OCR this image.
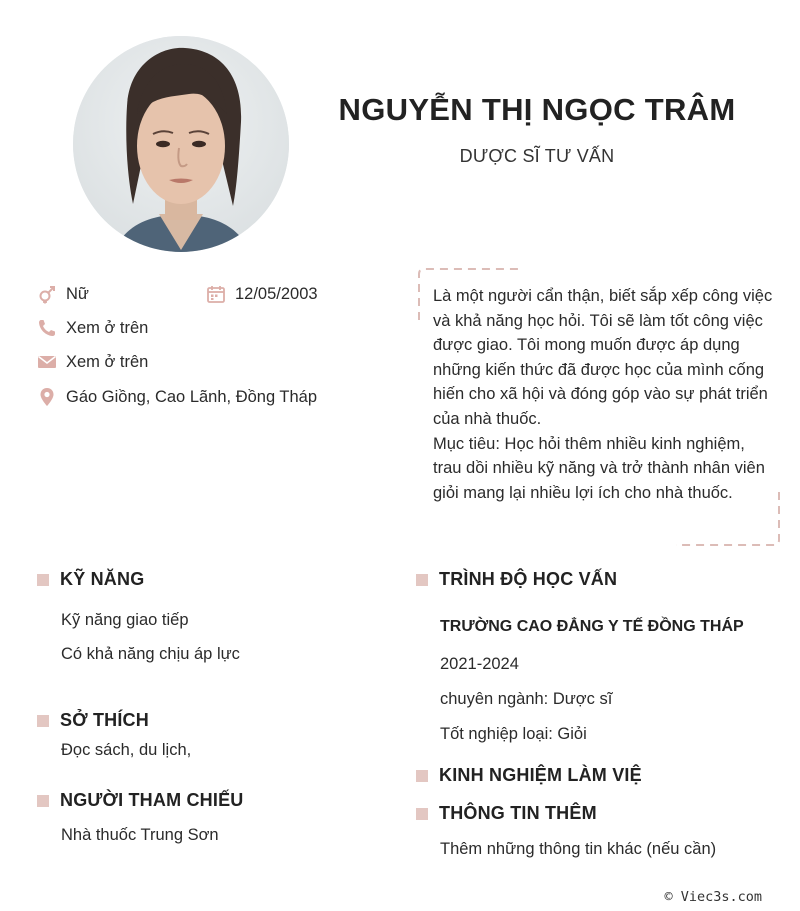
NGUYỄN THỊ NGỌC TRÂM
DƯỢC SĨ TƯ VẤN
Nữ	12/05/2003
Xem ở trên
Xem ở trên
Gáo Giồng, Cao Lãnh, Đồng Tháp

Là một người cẩn thận, biết sắp xếp công việc và khả năng học hỏi. Tôi sẽ làm tốt công việc được giao. Tôi mong muốn được áp dụng những kiến thức đã được học của mình cống hiến cho xã hội và đóng góp vào sự phát triển của nhà thuốc.

Mục tiêu: Học hỏi thêm nhiều kinh nghiệm, trau dồi nhiều kỹ năng và trở thành nhân viên giỏi mang lại nhiều lợi ích cho nhà thuốc.

KỸ NĂNG
Kỹ năng giao tiếp
Có khả năng chịu áp lực
SỞ THÍCH
Đọc sách, du lịch,
NGƯỜI THAM CHIẾU
Nhà thuốc Trung Sơn
TRÌNH ĐỘ HỌC VẤN
TRƯỜNG CAO ĐẲNG Y TẾ ĐỒNG THÁP
2021-2024
chuyên ngành: Dược sĩ
Tốt nghiệp loại: Giỏi
KINH NGHIỆM LÀM VIỆ
THÔNG TIN THÊM
Thêm những thông tin khác (nếu cần)
© Viec3s.com
